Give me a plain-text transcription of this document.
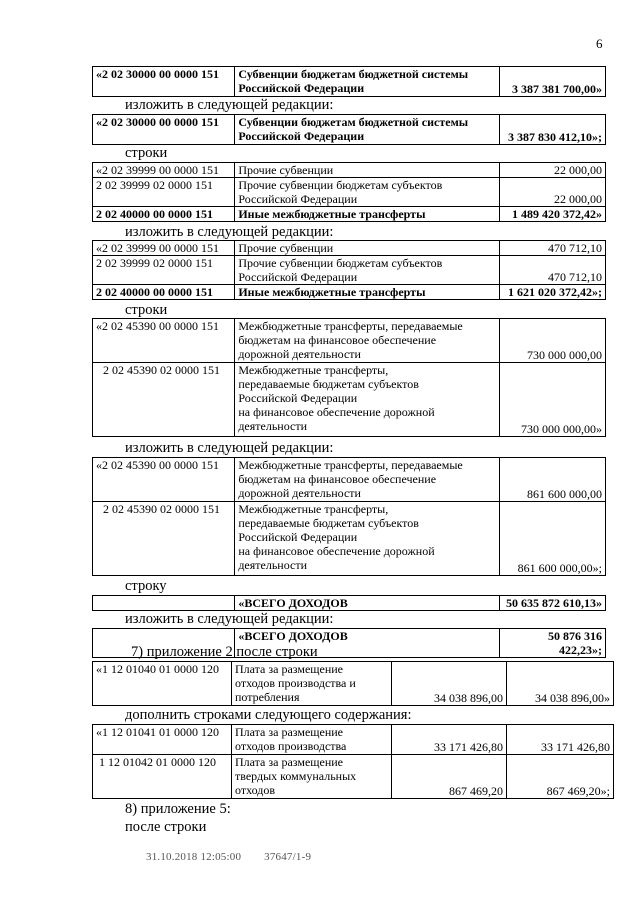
6
«2 02 30000 00 0000 151	Субвенции бюджетам бюджетной системы
Российской Федерации	3 387 381 700,00»
изложить в следующей редакции:
«2 02 30000 00 0000 151	Субвенции бюджетам бюджетной системы
Российской Федерации	3 387 830 412,10»;
строки
«2 02 39999 00 0000 151	Прочие субвенции	22 000,00
2 02 39999 02 0000 151	Прочие субвенции бюджетам субъектов
Российской Федерации	22 000,00
2 02 40000 00 0000 151	Иные межбюджетные трансферты	1 489 420 372,42»
изложить в следующей редакции:
«2 02 39999 00 0000 151	Прочие субвенции	470 712,10
2 02 39999 02 0000 151	Прочие субвенции бюджетам субъектов
Российской Федерации	470 712,10
2 02 40000 00 0000 151	Иные межбюджетные трансферты	1 621 020 372,42»;
строки
«2 02 45390 00 0000 151	Межбюджетные трансферты, передаваемые
бюджетам на финансовое обеспечение
дорожной деятельности	730 000 000,00
2 02 45390 02 0000 151	Межбюджетные трансферты,
передаваемые бюджетам субъектов
Российской Федерации
на финансовое обеспечение дорожной
деятельности	730 000 000,00»
изложить в следующей редакции:
«2 02 45390 00 0000 151	Межбюджетные трансферты, передаваемые
бюджетам на финансовое обеспечение
дорожной деятельности	861 600 000,00
2 02 45390 02 0000 151	Межбюджетные трансферты,
передаваемые бюджетам субъектов
Российской Федерации
на финансовое обеспечение дорожной
деятельности	861 600 000,00»;
строку
	«ВСЕГО ДОХОДОВ	50 635 872 610,13»
изложить в следующей редакции:
	«ВСЕГО ДОХОДОВ	50 876 316 422,23»;
7) приложение 2 после строки
«1 12 01040 01 0000 120	Плата за размещение
отходов производства и
потребления	34 038 896,00	34 038 896,00»
дополнить строками следующего содержания:
«1 12 01041 01 0000 120	Плата за размещение
отходов производства	33 171 426,80	33 171 426,80
1 12 01042 01 0000 120	Плата за размещение
твердых коммунальных
отходов	867 469,20	867 469,20»;
8) приложение 5:
после строки
31.10.2018 12:05:00 37647/1-9
